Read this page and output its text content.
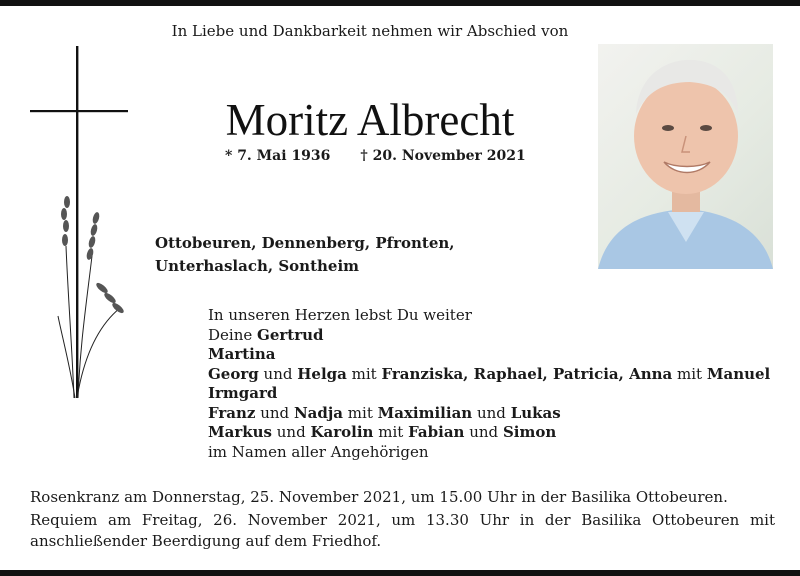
In Liebe und Dankbarkeit nehmen wir Abschied von
Moritz Albrecht
* 7. Mai 1936 † 20. November 2021
Ottobeuren, Dennenberg, Pfronten,
Unterhaslach, Sontheim
In unseren Herzen lebst Du weiter
Deine Gertrud
Martina
Georg und Helga mit Franziska, Raphael, Patricia, Anna mit Manuel
Irmgard
Franz und Nadja mit Maximilian und Lukas
Markus und Karolin mit Fabian und Simon
im Namen aller Angehörigen

Rosenkranz am Donnerstag, 25. November 2021, um 15.00 Uhr in der Basilika Ottobeuren.

Requiem am Freitag, 26. November 2021, um 13.30 Uhr in der Basilika Ottobeuren mit
anschließender Beerdigung auf dem Friedhof.
